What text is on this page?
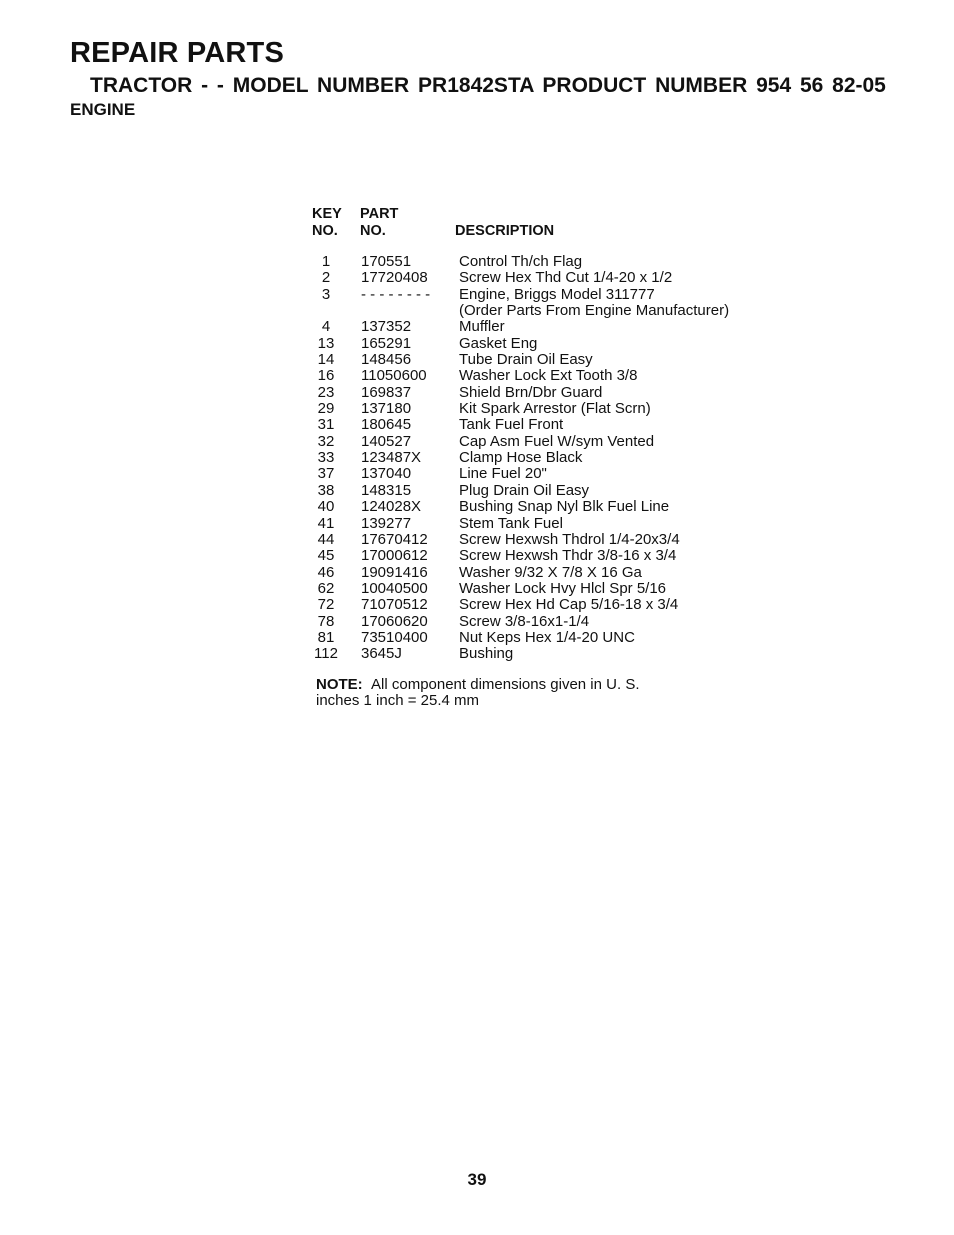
REPAIR PARTS
TRACTOR - - MODEL NUMBER PR1842STA PRODUCT NUMBER 954 56 82-05
ENGINE
KEY
NO.
PART
NO.	DESCRIPTION
1	170551	Control Th/ch Flag
2	17720408 Screw Hex Thd Cut 1/4-20 x 1/2
3	- - - - - - - - Engine, Briggs Model 311777
(Order Parts From Engine Manufacturer)
4	137352	Muffler
13	165291	Gasket Eng
14	148456	Tube Drain Oil Easy
16	11050600 Washer Lock Ext Tooth 3/8
23	169837	Shield Brn/Dbr Guard
29	137180	Kit Spark Arrestor (Flat Scrn)
31	180645	Tank Fuel Front
32	140527	Cap Asm Fuel W/sym Vented
33	123487X	Clamp Hose Black
37	137040	Line Fuel 20"
38	148315	Plug Drain Oil Easy
40	124028X	Bushing Snap Nyl Blk Fuel Line
41	139277	Stem Tank Fuel
44	17670412 Screw Hexwsh Thdrol 1/4-20x3/4
45	17000612 Screw Hexwsh Thdr 3/8-16 x 3/4
46	19091416 Washer 9/32 X 7/8 X 16 Ga
62	10040500 Washer Lock Hvy Hlcl Spr 5/16
72	71070512 Screw Hex Hd Cap 5/16-18 x 3/4
78	17060620 Screw 3/8-16x1-1/4
81	73510400 Nut Keps Hex 1/4-20 UNC
112 3645J	Bushing
NOTE: All component dimensions given in U. S.
inches 1 inch = 25.4 mm
39
